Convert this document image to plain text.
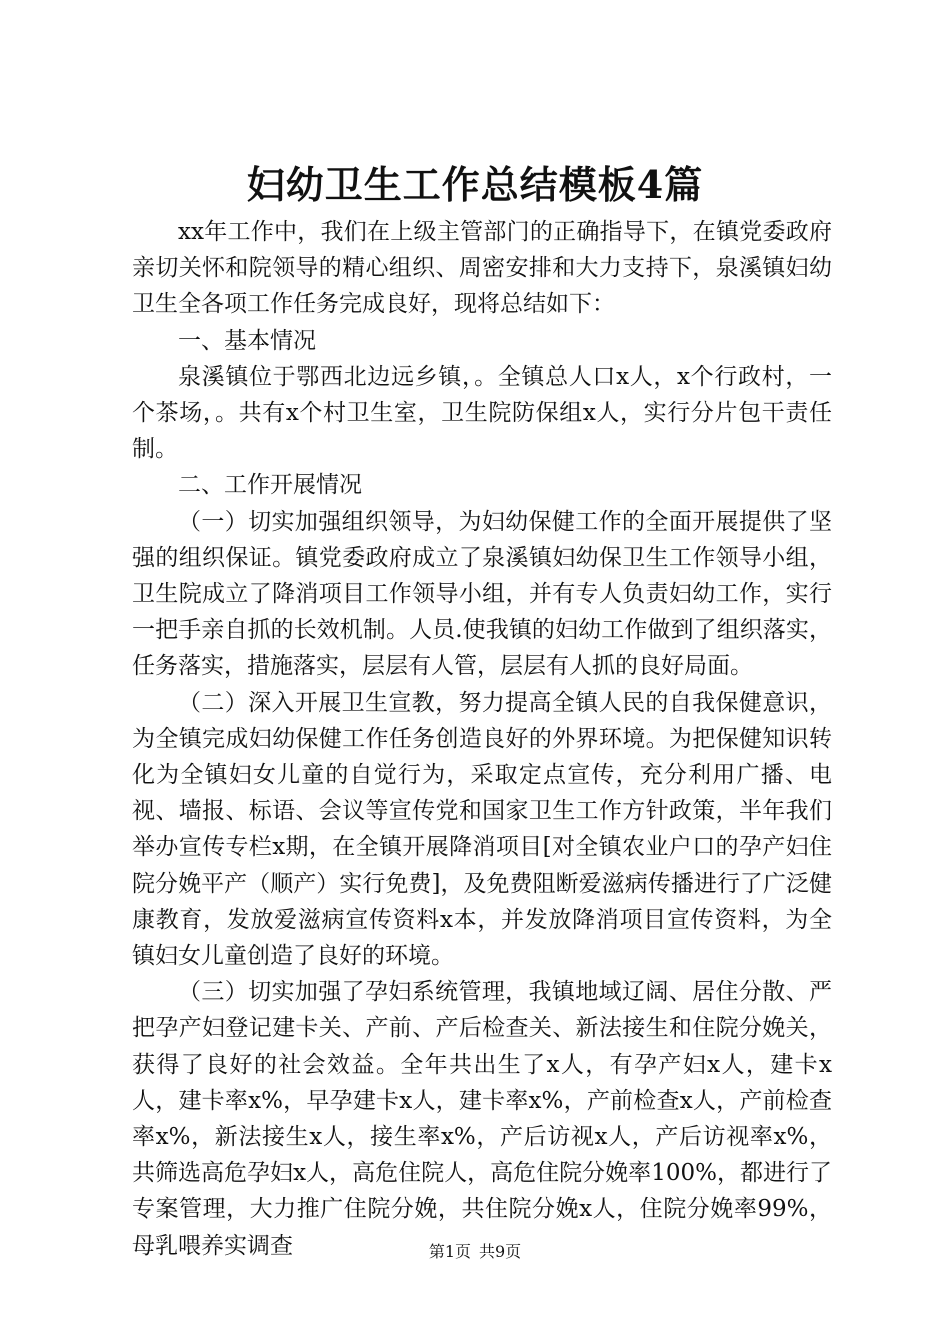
妇幼卫生工作总结模板4篇

xx年工作中，我们在上级主管部门的正确指导下，在镇党委政府亲切关怀和院领导的精心组织、周密安排和大力支持下，泉溪镇妇幼卫生全各项工作任务完成良好，现将总结如下：

一、基本情况

泉溪镇位于鄂西北边远乡镇，。全镇总人口x人，x个行政村，一个茶场，。共有x个村卫生室，卫生院防保组x人，实行分片包干责任制。

二、工作开展情况

（一）切实加强组织领导，为妇幼保健工作的全面开展提供了坚强的组织保证。镇党委政府成立了泉溪镇妇幼保卫生工作领导小组，卫生院成立了降消项目工作领导小组，并有专人负责妇幼工作，实行一把手亲自抓的长效机制。人员.使我镇的妇幼工作做到了组织落实，任务落实，措施落实，层层有人管，层层有人抓的良好局面。

（二）深入开展卫生宣教，努力提高全镇人民的自我保健意识，为全镇完成妇幼保健工作任务创造良好的外界环境。为把保健知识转化为全镇妇女儿童的自觉行为，采取定点宣传，充分利用广播、电视、墙报、标语、会议等宣传党和国家卫生工作方针政策，半年我们举办宣传专栏x期，在全镇开展降消项目[对全镇农业户口的孕产妇住院分娩平产（顺产）实行免费]，及免费阻断爱滋病传播进行了广泛健康教育，发放爱滋病宣传资料x本，并发放降消项目宣传资料，为全镇妇女儿童创造了良好的环境。

（三）切实加强了孕妇系统管理，我镇地域辽阔、居住分散、严把孕产妇登记建卡关、产前、产后检查关、新法接生和住院分娩关，获得了良好的社会效益。全年共出生了x人，有孕产妇x人，建卡x人，建卡率x%，早孕建卡x人，建卡率x%，产前检查x人，产前检查率x%，新法接生x人，接生率x%，产后访视x人，产后访视率x%，共筛选高危孕妇x人，高危住院人，高危住院分娩率100%，都进行了专案管理，大力推广住院分娩，共住院分娩x人，住院分娩率99%，母乳喂养实调查	第1页 共9页
